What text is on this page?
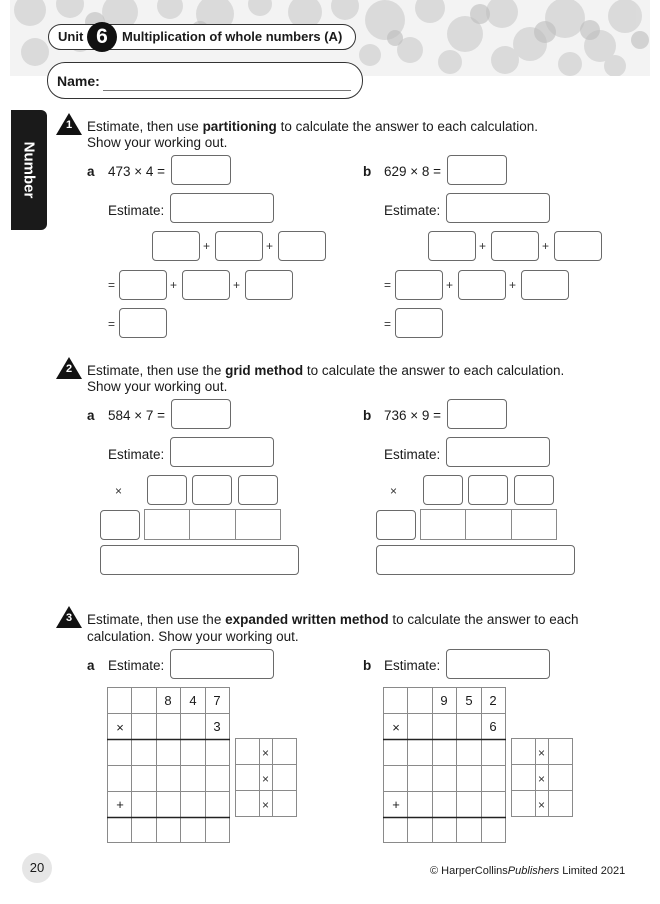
Unit 6	Multiplication of whole numbers (A)
Name:
Number
1	Estimate, then use partitioning to calculate the answer to each calculation.
Show your working out.
a 473 × 4 =
Estimate:
+	+
=	+	+
=
b 629 × 8 =
Estimate:
+	+
=	+	+
=
2	Estimate, then use the grid method to calculate the answer to each calculation.
Show your working out.
a 584 × 7 =
Estimate:
×
b 736 × 9 =
Estimate:
×
3	Estimate, then use the expanded written method to calculate the answer to each
calculation. Show your working out.
a Estimate:
8	4	7
×	3
+
×
×
×
b Estimate:
9	5	2
×	6
+
×
×
×
20	© HarperCollinsPublishers Limited 2021
